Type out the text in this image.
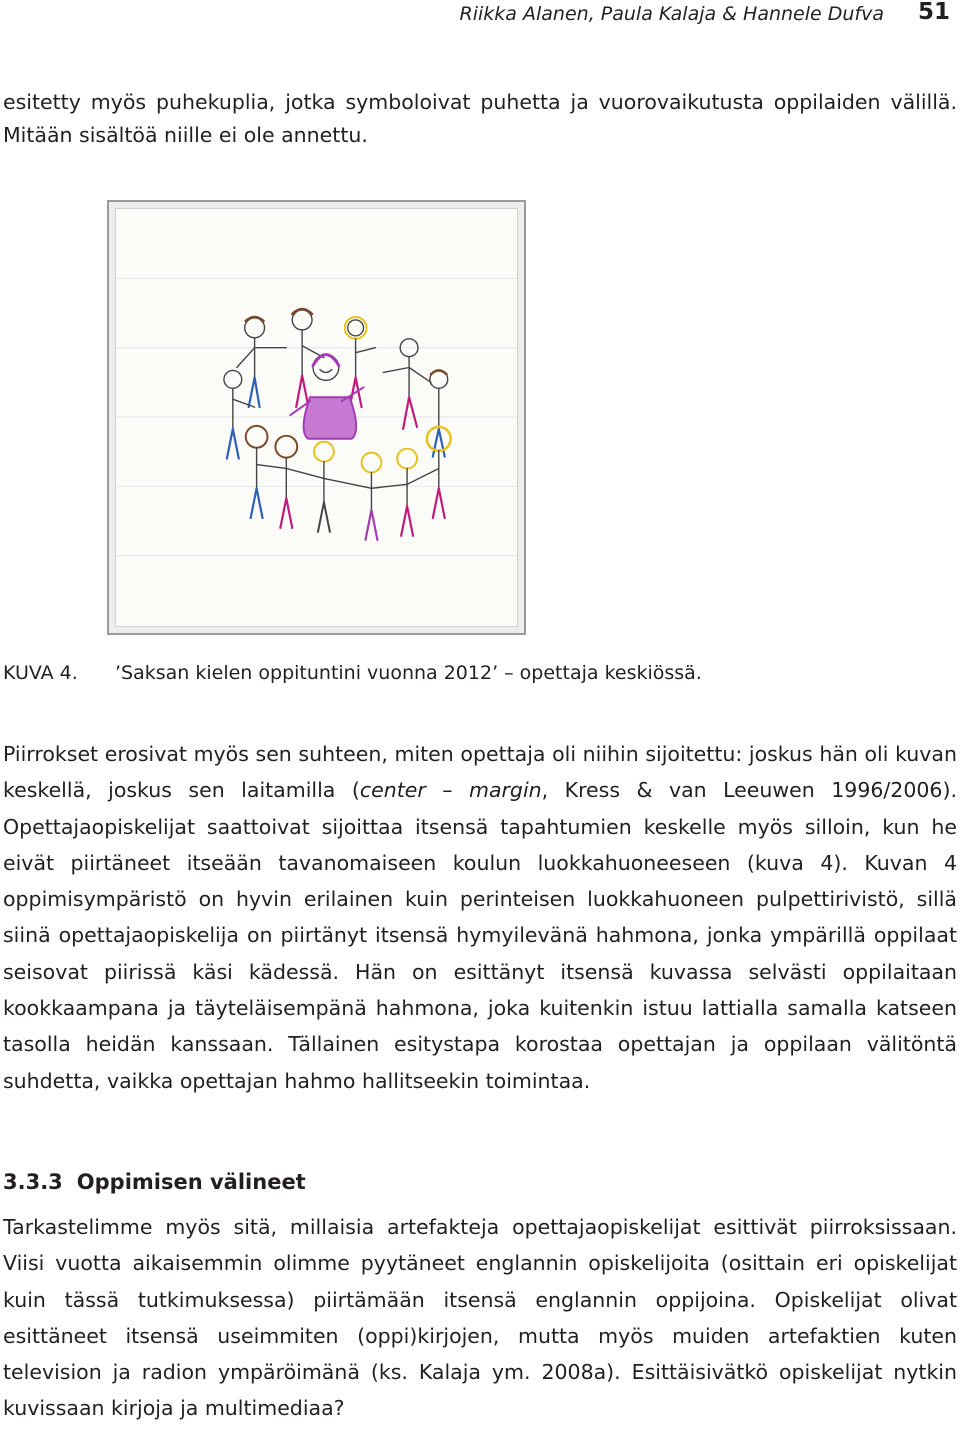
Riikka Alanen, Paula Kalaja & Hannele Dufva 51

esitetty myös puhekuplia, jotka symboloivat puhetta ja vuorovaikutusta oppilaiden välillä. Mitään sisältöä niille ei ole annettu.

KUVA 4. ’Saksan kielen oppituntini vuonna 2012’ – opettaja keskiössä.

Piirrokset erosivat myös sen suhteen, miten opettaja oli niihin sijoitettu: joskus hän oli kuvan keskellä, joskus sen laitamilla (center – margin, Kress & van Leeuwen 1996/2006). Opettajaopiskelijat saattoivat sijoittaa itsensä tapahtumien keskelle myös silloin, kun he eivät piirtäneet itseään tavanomaiseen koulun luokkahuoneeseen (kuva 4). Kuvan 4 oppimisympäristö on hyvin erilainen kuin perinteisen luokkahuoneen pulpettirivistö, sillä siinä opettajaopiskelija on piirtänyt itsensä hymyilevänä hahmona, jonka ympärillä oppilaat seisovat piirissä käsi kädessä. Hän on esittänyt itsensä kuvassa selvästi oppilaitaan kookkaampana ja täyteläisempänä hahmona, joka kuitenkin istuu lattialla samalla katseen tasolla heidän kanssaan. Tällainen esitystapa korostaa opettajan ja oppilaan välitöntä suhdetta, vaikka opettajan hahmo hallitseekin toimintaa.

3.3.3 Oppimisen välineet

Tarkastelimme myös sitä, millaisia artefakteja opettajaopiskelijat esittivät piirroksissaan. Viisi vuotta aikaisemmin olimme pyytäneet englannin opiskelijoita (osittain eri opiskelijat kuin tässä tutkimuksessa) piirtämään itsensä englannin oppijoina. Opiskelijat olivat esittäneet itsensä useimmiten (oppi)kirjojen, mutta myös muiden artefaktien kuten television ja radion ympäröimänä (ks. Kalaja ym. 2008a). Esittäisivätkö opiskelijat nytkin kuvissaan kirjoja ja multimediaa?
